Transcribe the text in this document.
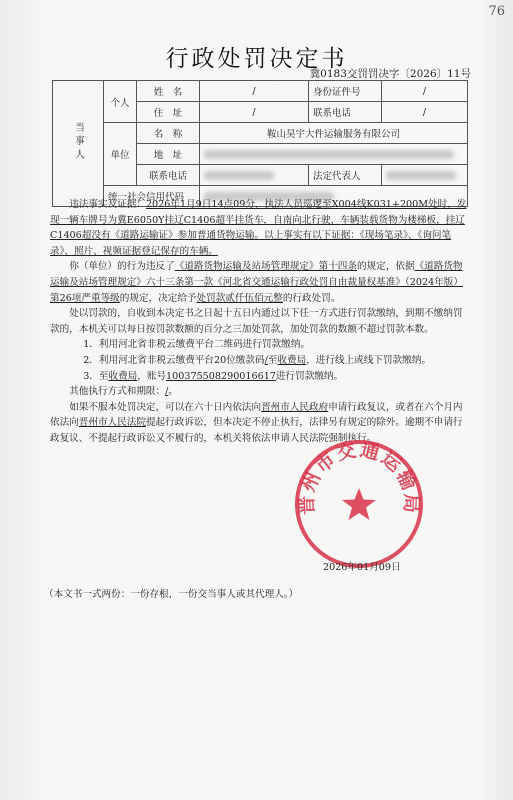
76
行政处罚决定书
冀0183交罚罚决字〔2026〕11号
当事人	个人	姓　名	/	身份证件号	/
		住　址	/	联系电话	/
	单位	名　称	鞍山昊宇大件运输服务有限公司		
		地　址			
		联系电话		法定代表人	
	统一社会信用代码				

违法事实及证据：2026年1月9日14点09分，执法人员巡逻至X004线K031+200M处时，发现一辆车牌号为冀E6050Y挂辽C1406超半挂货车，自南向北行驶，车辆装载货物为楼梯板，挂辽C1406超没有《道路运输证》参加普通货物运输。以上事实有以下证据：《现场笔录》、《询问笔录》、照片、视频证据登记保存的车辆。

你（单位）的行为违反了《道路货物运输及站场管理规定》第十四条的规定，依据《道路货物运输及站场管理规定》六十三条第一款《河北省交通运输行政处罚自由裁量权基准》（2024年版）第26项严重等级的规定，决定给予处罚款贰仟伍佰元整的行政处罚。

处以罚款的，自收到本决定书之日起十五日内通过以下任一方式进行罚款缴纳，到期不缴纳罚款的，本机关可以每日按罚款数额的百分之三加处罚款，加处罚款的数额不超过罚款本数。

1．利用河北省非税云缴费平台二维码进行罚款缴纳。

2．利用河北省非税云缴费平台20位缴款码/至收费局，进行线上或线下罚款缴纳。

3．至收费局，账号100375508290016617进行罚款缴纳。

其他执行方式和期限：/。

如果不服本处罚决定，可以在六十日内依法向晋州市人民政府申请行政复议，或者在六个月内依法向晋州市人民法院提起行政诉讼，但本决定不停止执行，法律另有规定的除外。逾期不申请行政复议、不提起行政诉讼又不履行的，本机关将依法申请人民法院强制执行。

晋州市交通运输局
2026年01月09日
（本文书一式两份：一份存根，一份交当事人或其代理人。）
